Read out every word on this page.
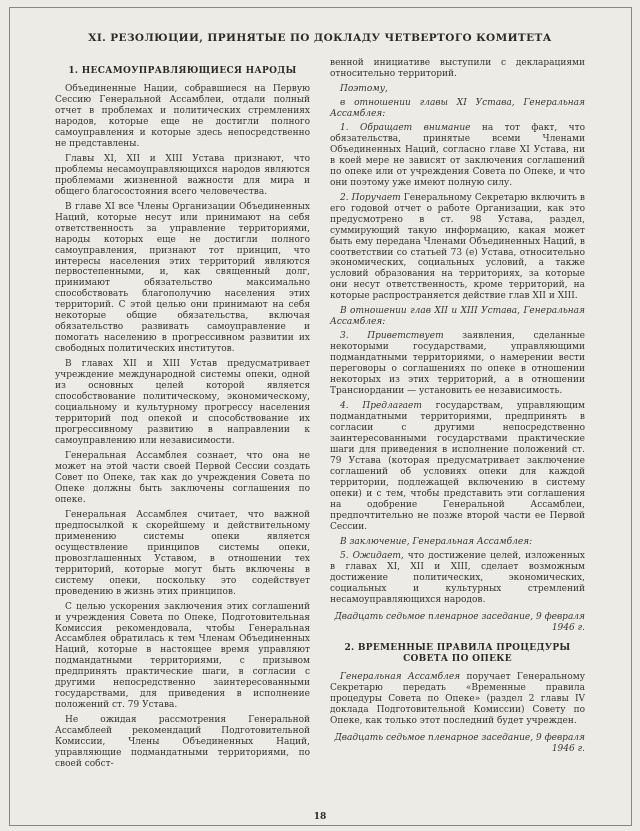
XI. РЕЗОЛЮЦИИ, ПРИНЯТЫЕ ПО ДОКЛАДУ ЧЕТВЕРТОГО КОМИТЕТА

1. НЕСАМОУПРАВЛЯЮЩИЕСЯ НАРОДЫ

Объединенные Нации, собравшиеся на Первую Сессию Генеральной Ассамблеи, отдали полный отчет в проблемах и политических стремлениях народов, которые еще не достигли полного самоуправления и которые здесь непосредственно не представлены.

Главы XI, XII и XIII Устава признают, что проблемы несамоуправляющихся народов являются проблемами жизненной важности для мира и общего благосостояния всего человечества.

В главе XI все Члены Организации Объединенных Наций, которые несут или принимают на себя ответственность за управление территориями, народы которых еще не достигли полного самоуправления, признают тот принцип, что интересы населения этих территорий являются первостепенными, и, как священный долг, принимают обязательство максимально способствовать благополучию населения этих территорий. С этой целью они принимают на себя некоторые общие обязательства, включая обязательство развивать самоуправление и помогать населению в прогрессивном развитии их свободных политических институтов.

В главах XII и XIII Устав предусматривает учреждение международной системы опеки, одной из основных целей которой является способствование политическому, экономическому, социальному и культурному прогрессу населения территорий под опекой и способствование их прогрессивному развитию в направлении к самоуправлению или независимости.

Генеральная Ассамблея сознает, что она не может на этой части своей Первой Сессии создать Совет по Опеке, так как до учреждения Совета по Опеке должны быть заключены соглашения по опеке.

Генеральная Ассамблея считает, что важной предпосылкой к скорейшему и действительному применению системы опеки является осуществление принципов системы опеки, провозглашенных Уставом, в отношении тех территорий, которые могут быть включены в систему опеки, поскольку это содействует проведению в жизнь этих принципов.

С целью ускорения заключения этих соглашений и учреждения Совета по Опеке, Подготовительная Комиссия рекомендовала, чтобы Генеральная Ассамблея обратилась к тем Членам Объединенных Наций, которые в настоящее время управляют подмандатными территориями, с призывом предпринять практические шаги, в согласии с другими непосредственно заинтересованными государствами, для приведения в исполнение положений ст. 79 Устава.

Не ожидая рассмотрения Генеральной Ассамблеей рекомендаций Подготовительной Комиссии, Члены Объединенных Наций, управляющие подмандатными территориями, по своей собст-

венной инициативе выступили с декларациями относительно территорий.

Поэтому,

в отношении главы XI Устава, Генеральная Ассамблея:

1. Обращает внимание на тот факт, что обязательства, принятые всеми Членами Объединенных Наций, согласно главе XI Устава, ни в коей мере не зависят от заключения соглашений по опеке или от учреждения Совета по Опеке, и что они поэтому уже имеют полную силу.

2. Поручает Генеральному Секретарю включить в его годовой отчет о работе Организации, как это предусмотрено в ст. 98 Устава, раздел, суммирующий такую информацию, какая может быть ему передана Членами Объединенных Наций, в соответствии со статьей 73 (е) Устава, относительно экономических, социальных условий, а также условий образования на территориях, за которые они несут ответственность, кроме территорий, на которые распространяется действие глав XII и XIII.

В отношении глав XII и XIII Устава, Генеральная Ассамблея:

3. Приветствует заявления, сделанные некоторыми государствами, управляющими подмандатными территориями, о намерении вести переговоры о соглашениях по опеке в отношении некоторых из этих территорий, а в отношении Трансиордании — установить ее независимость.

4. Предлагает государствам, управляющим подмандатными территориями, предпринять в согласии с другими непосредственно заинтересованными государствами практические шаги для приведения в исполнение положений ст. 79 Устава (которая предусматривает заключение соглашений об условиях опеки для каждой территории, подлежащей включению в систему опеки) и с тем, чтобы представить эти соглашения на одобрение Генеральной Ассамблеи, предпочтительно не позже второй части ее Первой Сессии.

В заключение, Генеральная Ассамблея:

5. Ожидает, что достижение целей, изложенных в главах XI, XII и XIII, сделает возможным достижение политических, экономических, социальных и культурных стремлений несамоуправляющихся народов.

Двадцать седьмое пленарное заседание, 9 февраля 1946 г.

2. ВРЕМЕННЫЕ ПРАВИЛА ПРОЦЕДУРЫ СОВЕТА ПО ОПЕКЕ

Генеральная Ассамблея поручает Генеральному Секретарю передать «Временные правила процедуры Совета по Опеке» (раздел 2 главы IV доклада Подготовительной Комиссии) Совету по Опеке, как только этот последний будет учрежден.

Двадцать седьмое пленарное заседание, 9 февраля 1946 г.

18
